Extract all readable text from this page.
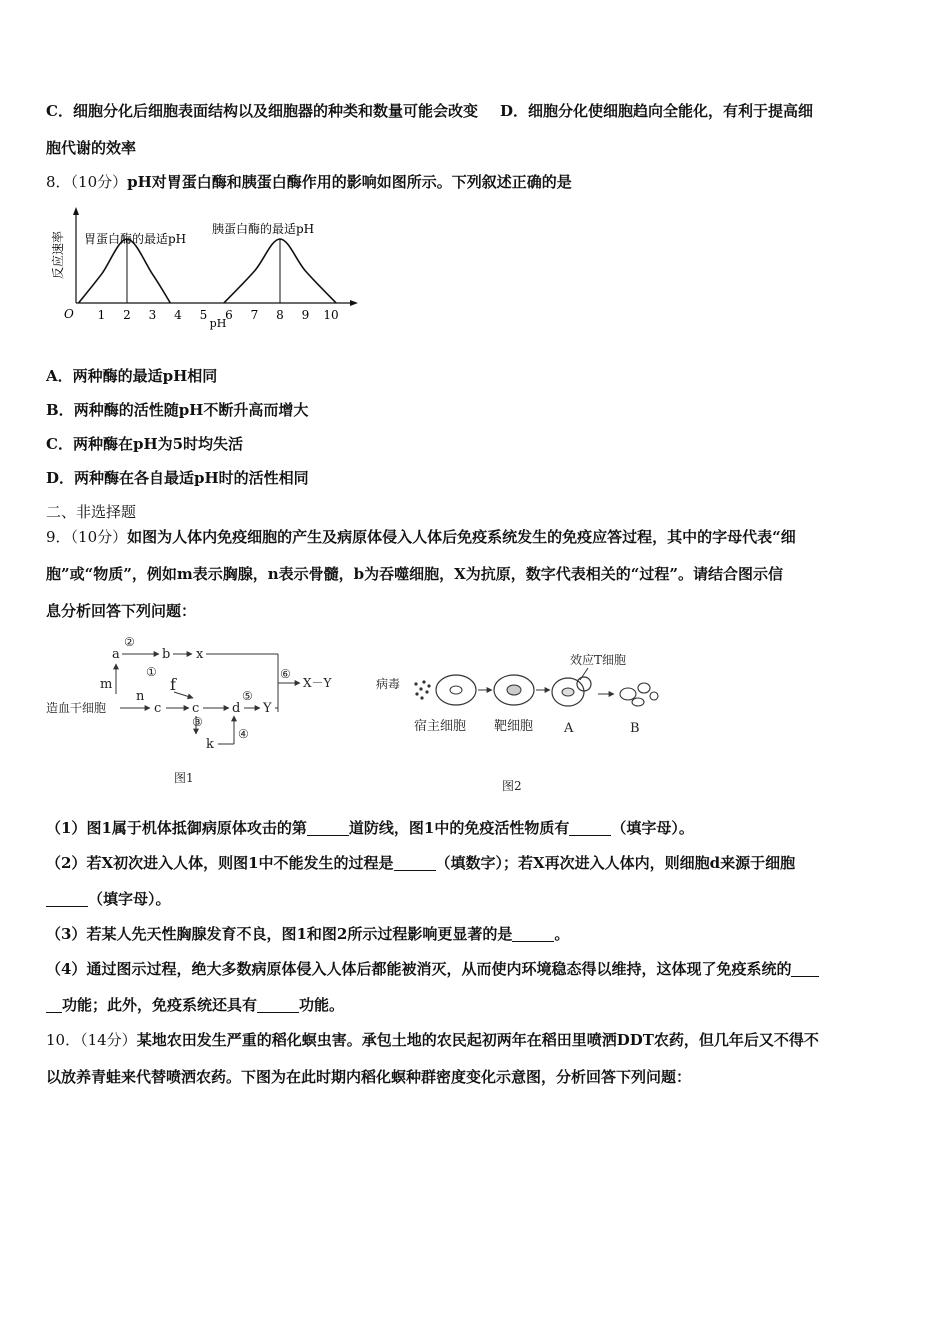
C．细胞分化后细胞表面结构以及细胞器的种类和数量可能会改变 D．细胞分化使细胞趋向全能化，有利于提高细
胞代谢的效率
8．（10分）pH对胃蛋白酶和胰蛋白酶作用的影响如图所示。下列叙述正确的是
反应速率
O
pH
1 2 3 4 5 6 7 8 9 10
胃蛋白酶的最适pH
胰蛋白酶的最适pH
A．两种酶的最适pH相同
B．两种酶的活性随pH不断升高而增大
C．两种酶在pH为5时均失活
D．两种酶在各自最适pH时的活性相同
二、非选择题
9．（10分）如图为人体内免疫细胞的产生及病原体侵入人体后免疫系统发生的免疫应答过程，其中的字母代表“细
胞”或“物质”，例如m表示胸腺，n表示骨髓，b为吞噬细胞，X为抗原，数字代表相关的“过程”。请结合图示信
息分析回答下列问题：
a
②
b x
①
f
m
n
造血干细胞	c c	d
⑤
Y
⑥
X－Y
③
k
④
图1
效应T细胞
病毒
宿主细胞 靶细胞 A	B
图2
（1）图1属于机体抵御病原体攻击的第	道防线，图1中的免疫活性物质有	（填字母）。
（2）若X初次进入人体，则图1中不能发生的过程是	（填数字）；若X再次进入人体内，则细胞d来源于细胞
（填字母）。
（3）若某人先天性胸腺发育不良，图1和图2所示过程影响更显著的是	。
（4）通过图示过程，绝大多数病原体侵入人体后都能被消灭，从而使内环境稳态得以维持，这体现了免疫系统的
功能；此外，免疫系统还具有	功能。
10．（14分）某地农田发生严重的稻化螟虫害。承包土地的农民起初两年在稻田里喷洒DDT农药，但几年后又不得不
以放养青蛙来代替喷洒农药。下图为在此时期内稻化螟种群密度变化示意图，分析回答下列问题：
